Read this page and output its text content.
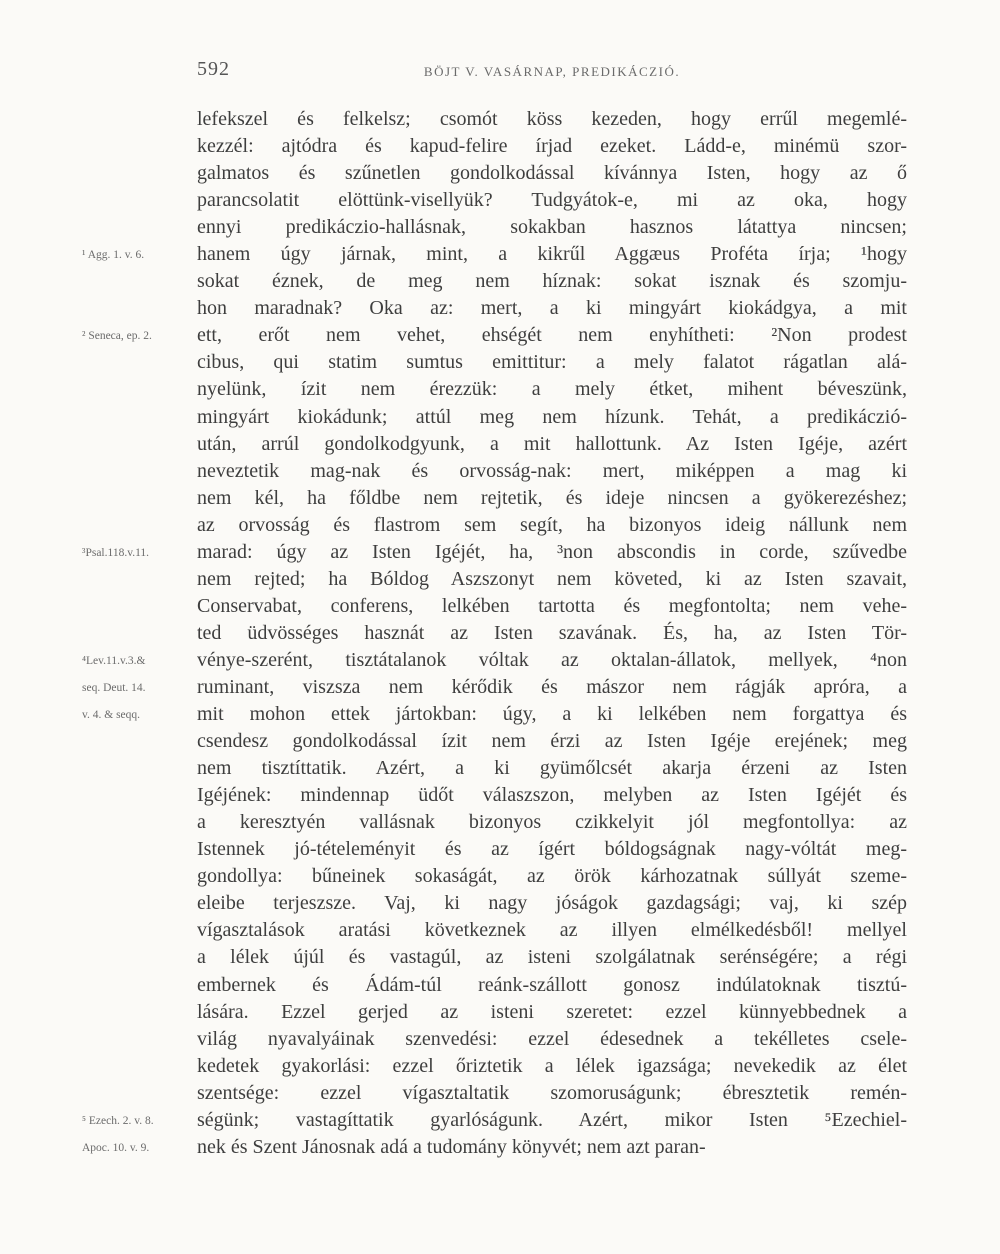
592	BÖJT V. VASÁRNAP, PREDIKÁCZIÓ.
¹ Agg. 1. v. 6.
² Seneca, ep. 2.
³Psal.118.v.11.
⁴Lev.11.v.3.&
seq. Deut. 14.
v. 4. & seqq.
⁵ Ezech. 2. v. 8.
Apoc. 10. v. 9.
lefekszel és felkelsz; csomót köss kezeden, hogy errűl megemlé-
kezzél: ajtódra és kapud-felire írjad ezeket. Ládd-e, minémü szor-
galmatos és szűnetlen gondolkodással kívánnya Isten, hogy az ő
parancsolatit elöttünk-visellyük? Tudgyátok-e, mi az oka, hogy
ennyi predikáczio-hallásnak, sokakban hasznos látattya nincsen;
hanem úgy járnak, mint, a kikrűl Aggæus Proféta írja; ¹hogy
sokat éznek, de meg nem híznak: sokat isznak és szomju-
hon maradnak? Oka az: mert, a ki mingyárt kiokádgya, a mit
ett, erőt nem vehet, ehségét nem enyhítheti: ²Non prodest
cibus, qui statim sumtus emittitur: a mely falatot rágatlan alá-
nyelünk, ízit nem érezzük: a mely étket, mihent béveszünk,
mingyárt kiokádunk; attúl meg nem hízunk. Tehát, a predikáczió-
után, arrúl gondolkodgyunk, a mit hallottunk. Az Isten Igéje, azért
neveztetik mag-nak és orvosság-nak: mert, miképpen a mag ki
nem kél, ha főldbe nem rejtetik, és ideje nincsen a gyökerezéshez;
az orvosság és flastrom sem segít, ha bizonyos ideig nállunk nem
marad: úgy az Isten Igéjét, ha, ³non abscondis in corde, szűvedbe
nem rejted; ha Bóldog Aszszonyt nem követed, ki az Isten szavait,
Conservabat, conferens, lelkében tartotta és megfontolta; nem vehe-
ted üdvösséges hasznát az Isten szavának. És, ha, az Isten Tör-
vénye-szerént, tisztátalanok vóltak az oktalan-állatok, mellyek, ⁴non
ruminant, viszsza nem kérődik és mászor nem rágják apróra, a
mit mohon ettek jártokban: úgy, a ki lelkében nem forgattya és
csendesz gondolkodással ízit nem érzi az Isten Igéje erejének; meg
nem tisztíttatik. Azért, a ki gyümőlcsét akarja érzeni az Isten
Igéjének: mindennap üdőt válaszszon, melyben az Isten Igéjét és
a keresztyén vallásnak bizonyos czikkelyit jól megfontollya: az
Istennek jó-tételeményit és az ígért bóldogságnak nagy-vóltát meg-
gondollya: bűneinek sokaságát, az örök kárhozatnak súllyát szeme-
eleibe terjeszsze. Vaj, ki nagy jóságok gazdagsági; vaj, ki szép
vígasztalások aratási következnek az illyen elmélkedésből! mellyel
a lélek újúl és vastagúl, az isteni szolgálatnak serénségére; a régi
embernek és Ádám-túl reánk-szállott gonosz indúlatoknak tisztú-
lására. Ezzel gerjed az isteni szeretet: ezzel künnyebbednek a
világ nyavalyáinak szenvedési: ezzel édesednek a tekélletes csele-
kedetek gyakorlási: ezzel őriztetik a lélek igazsága; nevekedik az élet
szentsége: ezzel vígasztaltatik szomoruságunk; ébresztetik remén-
ségünk; vastagíttatik gyarlóságunk. Azért, mikor Isten ⁵Ezechiel-
nek és Szent Jánosnak adá a tudomány könyvét; nem azt paran-
